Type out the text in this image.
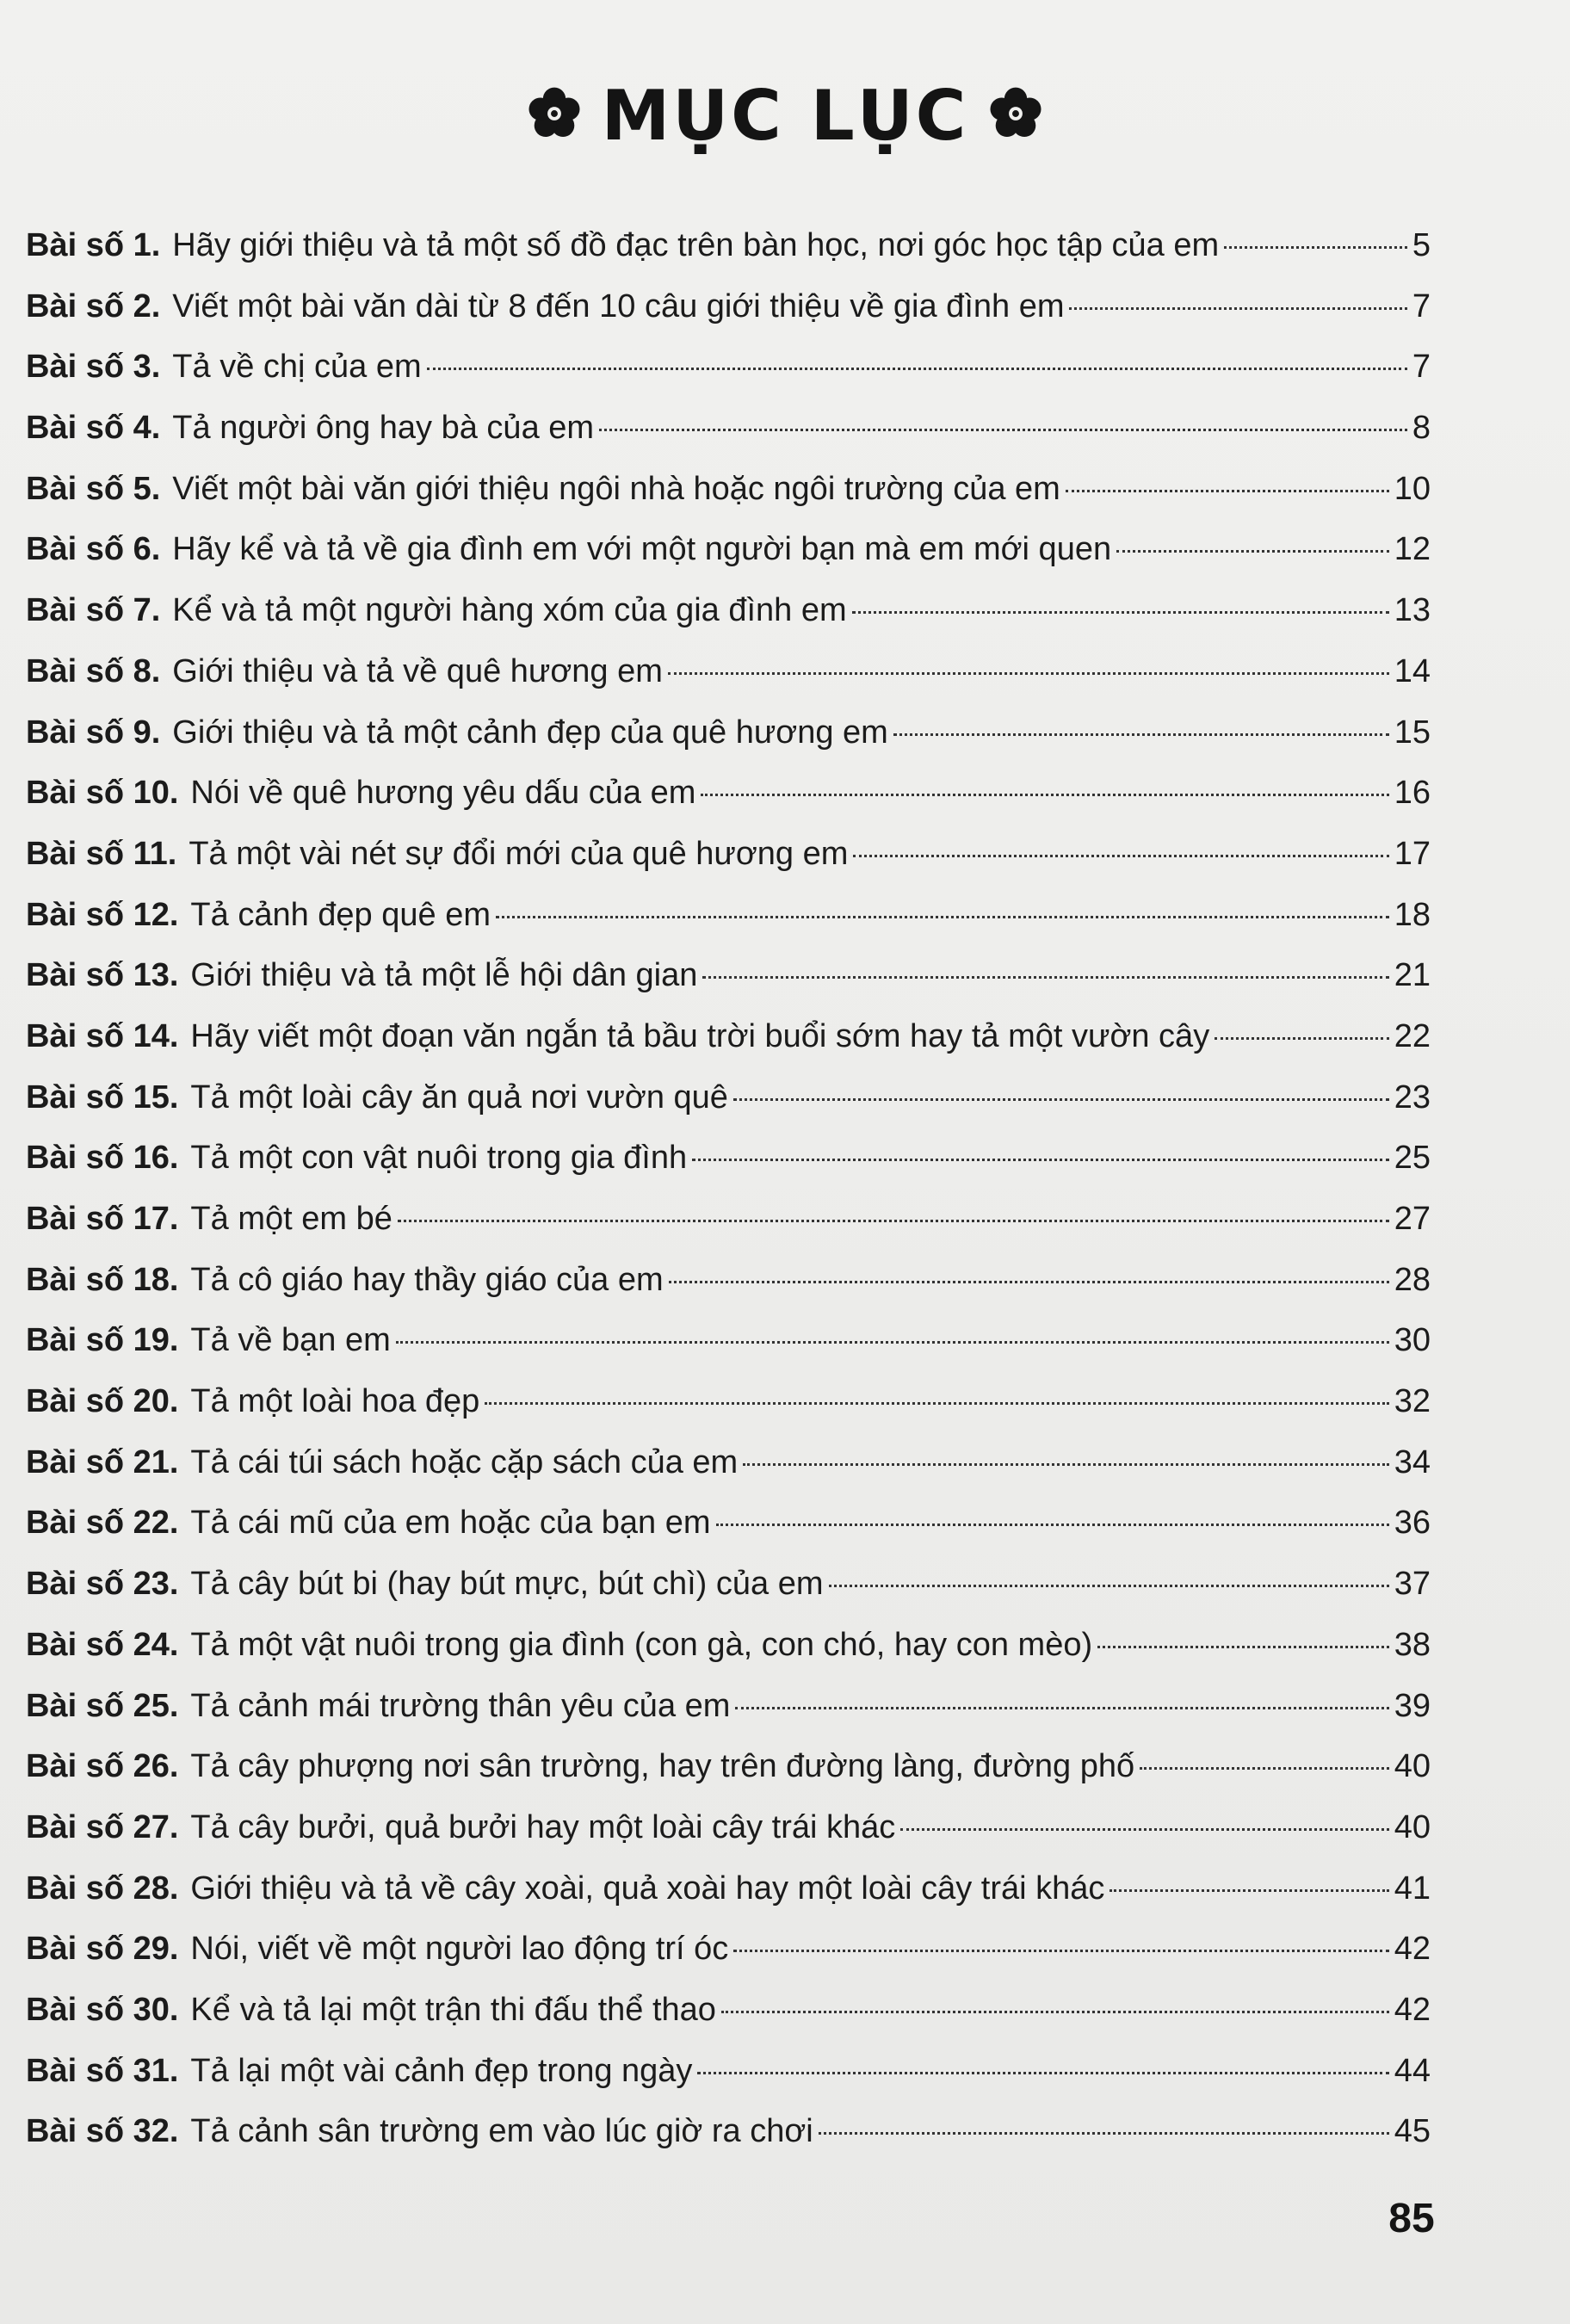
MỤC LỤC
Bài số 1. Hãy giới thiệu và tả một số đồ đạc trên bàn học, nơi góc học tập của em	5
Bài số 2. Viết một bài văn dài từ 8 đến 10 câu giới thiệu về gia đình em	7
Bài số 3. Tả về chị của em	7
Bài số 4. Tả người ông hay bà của em	8
Bài số 5. Viết một bài văn giới thiệu ngôi nhà hoặc ngôi trường của em	10
Bài số 6. Hãy kể và tả về gia đình em với một người bạn mà em mới quen	12
Bài số 7. Kể và tả một người hàng xóm của gia đình em	13
Bài số 8. Giới thiệu và tả về quê hương em	14
Bài số 9. Giới thiệu và tả một cảnh đẹp của quê hương em	15
Bài số 10. Nói về quê hương yêu dấu của em	16
Bài số 11. Tả một vài nét sự đổi mới của quê hương em	17
Bài số 12. Tả cảnh đẹp quê em	18
Bài số 13. Giới thiệu và tả một lễ hội dân gian	21
Bài số 14. Hãy viết một đoạn văn ngắn tả bầu trời buổi sớm hay tả một vườn cây	22
Bài số 15. Tả một loài cây ăn quả nơi vườn quê	23
Bài số 16. Tả một con vật nuôi trong gia đình	25
Bài số 17. Tả một em bé	27
Bài số 18. Tả cô giáo hay thầy giáo của em	28
Bài số 19. Tả về bạn em	30
Bài số 20. Tả một loài hoa đẹp	32
Bài số 21. Tả cái túi sách hoặc cặp sách của em	34
Bài số 22. Tả cái mũ của em hoặc của bạn em	36
Bài số 23. Tả cây bút bi (hay bút mực, bút chì) của em	37
Bài số 24. Tả một vật nuôi trong gia đình (con gà, con chó, hay con mèo)	38
Bài số 25. Tả cảnh mái trường thân yêu của em	39
Bài số 26. Tả cây phượng nơi sân trường, hay trên đường làng, đường phố	40
Bài số 27. Tả cây bưởi, quả bưởi hay một loài cây trái khác	40
Bài số 28. Giới thiệu và tả về cây xoài, quả xoài hay một loài cây trái khác	41
Bài số 29. Nói, viết về một người lao động trí óc	42
Bài số 30. Kể và tả lại một trận thi đấu thể thao	42
Bài số 31. Tả lại một vài cảnh đẹp trong ngày	44
Bài số 32. Tả cảnh sân trường em vào lúc giờ ra chơi	45
85
